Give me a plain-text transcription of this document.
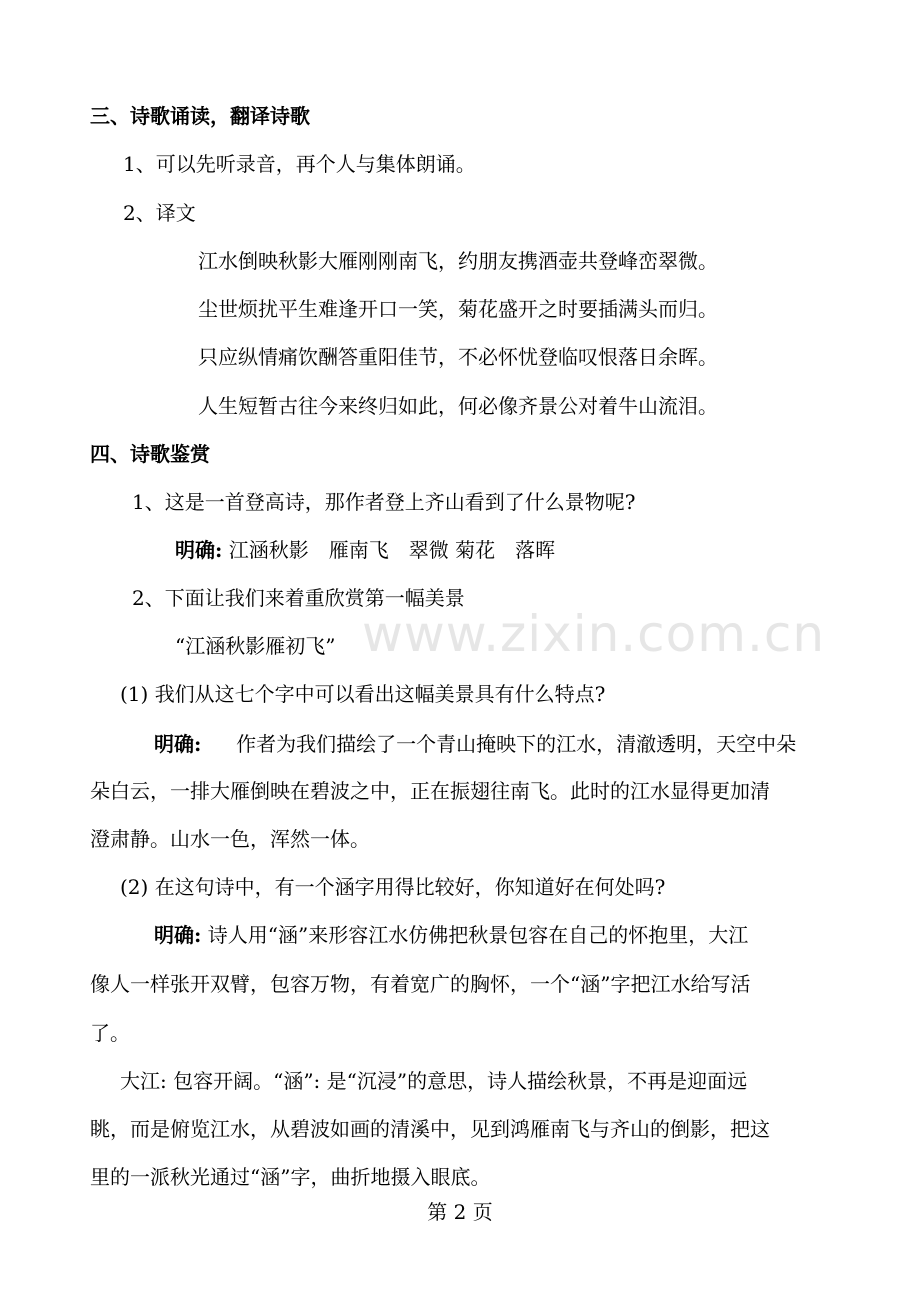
www.zixin.com.cn
三、诗歌诵读，翻译诗歌
1、可以先听录音，再个人与集体朗诵。
2、译文
江水倒映秋影大雁刚刚南飞，约朋友携酒壶共登峰峦翠微。
尘世烦扰平生难逢开口一笑，菊花盛开之时要插满头而归。
只应纵情痛饮酬答重阳佳节，不必怀忧登临叹恨落日余晖。
人生短暂古往今来终归如此，何必像齐景公对着牛山流泪。
四、诗歌鉴赏
1、这是一首登高诗，那作者登上齐山看到了什么景物呢?
明确: 江涵秋影　雁南飞　翠微 菊花　落晖
2、下面让我们来着重欣赏第一幅美景
“江涵秋影雁初飞”
(1) 我们从这七个字中可以看出这幅美景具有什么特点?
明确: 作者为我们描绘了一个青山掩映下的江水，清澈透明，天空中朵
朵白云，一排大雁倒映在碧波之中，正在振翅往南飞。此时的江水显得更加清
澄肃静。山水一色，浑然一体。
(2) 在这句诗中，有一个涵字用得比较好，你知道好在何处吗?
明确: 诗人用“涵”来形容江水仿佛把秋景包容在自己的怀抱里，大江
像人一样张开双臂，包容万物，有着宽广的胸怀，一个“涵”字把江水给写活
了。
大江: 包容开阔。“涵”: 是“沉浸”的意思，诗人描绘秋景，不再是迎面远
眺，而是俯览江水，从碧波如画的清溪中，见到鸿雁南飞与齐山的倒影，把这
里的一派秋光通过“涵”字，曲折地摄入眼底。
第 2 页
